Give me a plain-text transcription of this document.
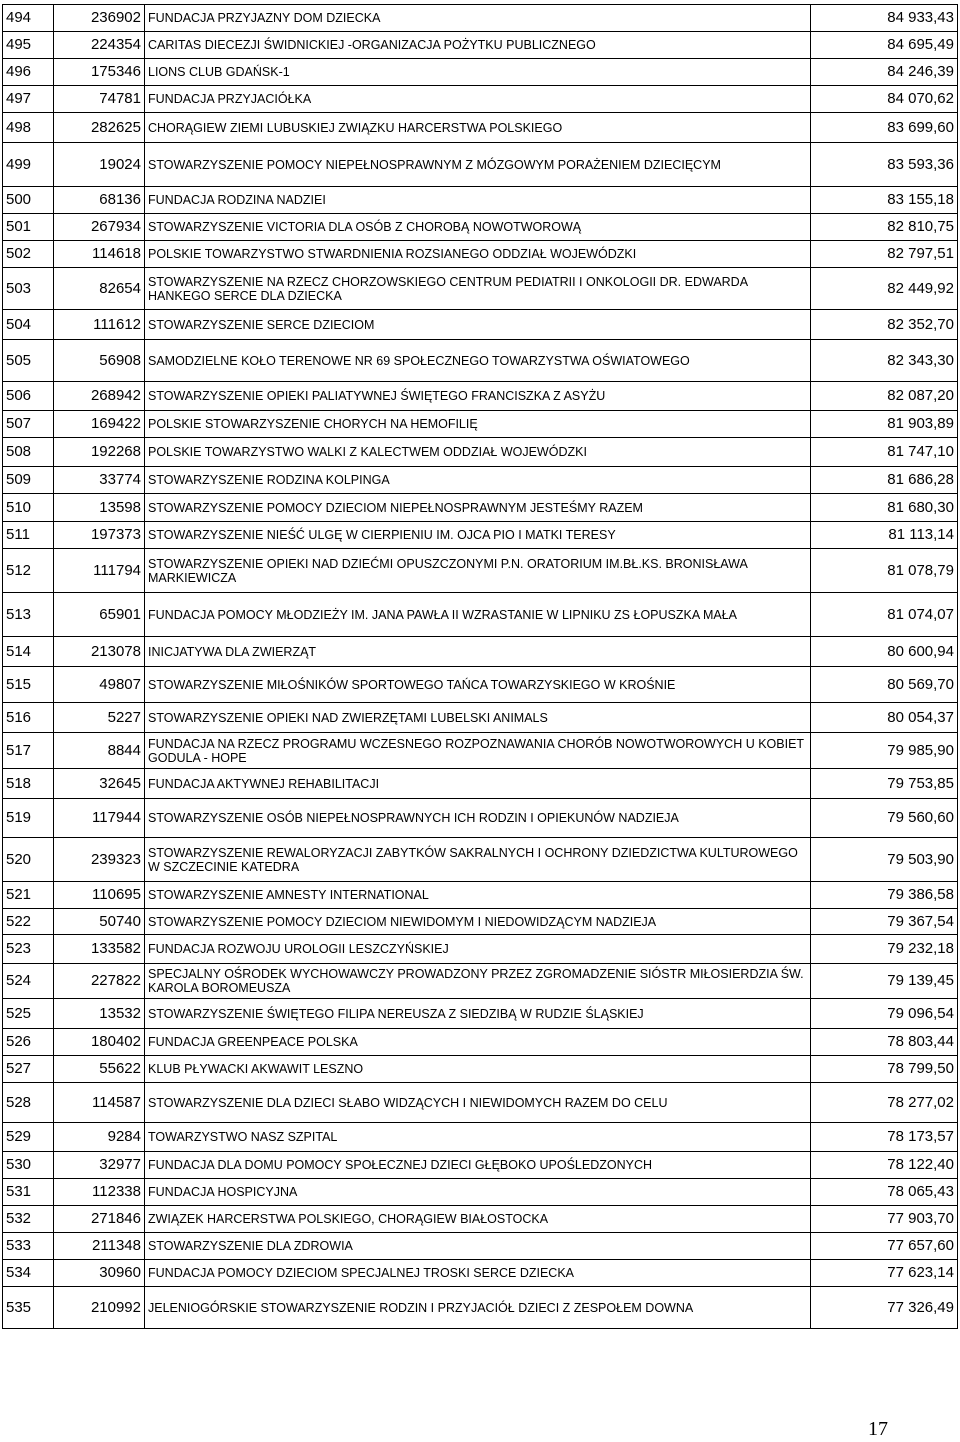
494	236902	FUNDACJA PRZYJAZNY DOM DZIECKA	84 933,43
495	224354	CARITAS DIECEZJI ŚWIDNICKIEJ -ORGANIZACJA POŻYTKU PUBLICZNEGO	84 695,49
496	175346	LIONS CLUB GDAŃSK-1	84 246,39
497	74781	FUNDACJA PRZYJACIÓŁKA	84 070,62
498	282625	CHORĄGIEW ZIEMI LUBUSKIEJ ZWIĄZKU HARCERSTWA POLSKIEGO	83 699,60
499	19024	STOWARZYSZENIE POMOCY NIEPEŁNOSPRAWNYM Z MÓZGOWYM PORAŻENIEM DZIECIĘCYM	83 593,36
500	68136	FUNDACJA RODZINA NADZIEI	83 155,18
501	267934	STOWARZYSZENIE VICTORIA DLA OSÓB Z CHOROBĄ NOWOTWOROWĄ	82 810,75
502	114618	POLSKIE TOWARZYSTWO STWARDNIENIA ROZSIANEGO ODDZIAŁ WOJEWÓDZKI	82 797,51
503	82654	STOWARZYSZENIE NA RZECZ CHORZOWSKIEGO CENTRUM PEDIATRII I ONKOLOGII DR. EDWARDA HANKEGO SERCE DLA DZIECKA	82 449,92
504	111612	STOWARZYSZENIE SERCE DZIECIOM	82 352,70
505	56908	SAMODZIELNE KOŁO TERENOWE NR 69 SPOŁECZNEGO TOWARZYSTWA OŚWIATOWEGO	82 343,30
506	268942	STOWARZYSZENIE OPIEKI PALIATYWNEJ ŚWIĘTEGO FRANCISZKA Z ASYŻU	82 087,20
507	169422	POLSKIE STOWARZYSZENIE CHORYCH NA HEMOFILIĘ	81 903,89
508	192268	POLSKIE TOWARZYSTWO WALKI Z KALECTWEM ODDZIAŁ WOJEWÓDZKI	81 747,10
509	33774	STOWARZYSZENIE RODZINA KOLPINGA	81 686,28
510	13598	STOWARZYSZENIE POMOCY DZIECIOM NIEPEŁNOSPRAWNYM JESTEŚMY RAZEM	81 680,30
511	197373	STOWARZYSZENIE NIEŚĆ ULGĘ W CIERPIENIU IM. OJCA PIO I MATKI TERESY	81 113,14
512	111794	STOWARZYSZENIE OPIEKI NAD DZIEĆMI OPUSZCZONYMI P.N. ORATORIUM IM.BŁ.KS. BRONISŁAWA MARKIEWICZA	81 078,79
513	65901	FUNDACJA POMOCY MŁODZIEŻY IM. JANA PAWŁA II WZRASTANIE W LIPNIKU ZS ŁOPUSZKA MAŁA	81 074,07
514	213078	INICJATYWA DLA ZWIERZĄT	80 600,94
515	49807	STOWARZYSZENIE MIŁOŚNIKÓW SPORTOWEGO TAŃCA TOWARZYSKIEGO W KROŚNIE	80 569,70
516	5227	STOWARZYSZENIE OPIEKI NAD ZWIERZĘTAMI LUBELSKI ANIMALS	80 054,37
517	8844	FUNDACJA NA RZECZ PROGRAMU WCZESNEGO ROZPOZNAWANIA CHORÓB NOWOTWOROWYCH U KOBIET GODULA - HOPE	79 985,90
518	32645	FUNDACJA AKTYWNEJ REHABILITACJI	79 753,85
519	117944	STOWARZYSZENIE OSÓB NIEPEŁNOSPRAWNYCH ICH RODZIN I OPIEKUNÓW NADZIEJA	79 560,60
520	239323	STOWARZYSZENIE REWALORYZACJI ZABYTKÓW SAKRALNYCH I OCHRONY DZIEDZICTWA KULTUROWEGO W SZCZECINIE KATEDRA	79 503,90
521	110695	STOWARZYSZENIE AMNESTY INTERNATIONAL	79 386,58
522	50740	STOWARZYSZENIE POMOCY DZIECIOM NIEWIDOMYM I NIEDOWIDZĄCYM NADZIEJA	79 367,54
523	133582	FUNDACJA ROZWOJU UROLOGII LESZCZYŃSKIEJ	79 232,18
524	227822	SPECJALNY OŚRODEK WYCHOWAWCZY PROWADZONY PRZEZ ZGROMADZENIE SIÓSTR MIŁOSIERDZIA ŚW. KAROLA BOROMEUSZA	79 139,45
525	13532	STOWARZYSZENIE ŚWIĘTEGO FILIPA NEREUSZA Z SIEDZIBĄ W RUDZIE ŚLĄSKIEJ	79 096,54
526	180402	FUNDACJA GREENPEACE POLSKA	78 803,44
527	55622	KLUB PŁYWACKI AKWAWIT LESZNO	78 799,50
528	114587	STOWARZYSZENIE DLA DZIECI SŁABO WIDZĄCYCH I NIEWIDOMYCH RAZEM DO CELU	78 277,02
529	9284	TOWARZYSTWO NASZ SZPITAL	78 173,57
530	32977	FUNDACJA DLA DOMU POMOCY SPOŁECZNEJ DZIECI GŁĘBOKO UPOŚLEDZONYCH	78 122,40
531	112338	FUNDACJA HOSPICYJNA	78 065,43
532	271846	ZWIĄZEK HARCERSTWA POLSKIEGO, CHORĄGIEW BIAŁOSTOCKA	77 903,70
533	211348	STOWARZYSZENIE DLA ZDROWIA	77 657,60
534	30960	FUNDACJA POMOCY DZIECIOM SPECJALNEJ TROSKI SERCE DZIECKA	77 623,14
535	210992	JELENIOGÓRSKIE STOWARZYSZENIE RODZIN I PRZYJACIÓŁ DZIECI Z ZESPOŁEM DOWNA	77 326,49
17
